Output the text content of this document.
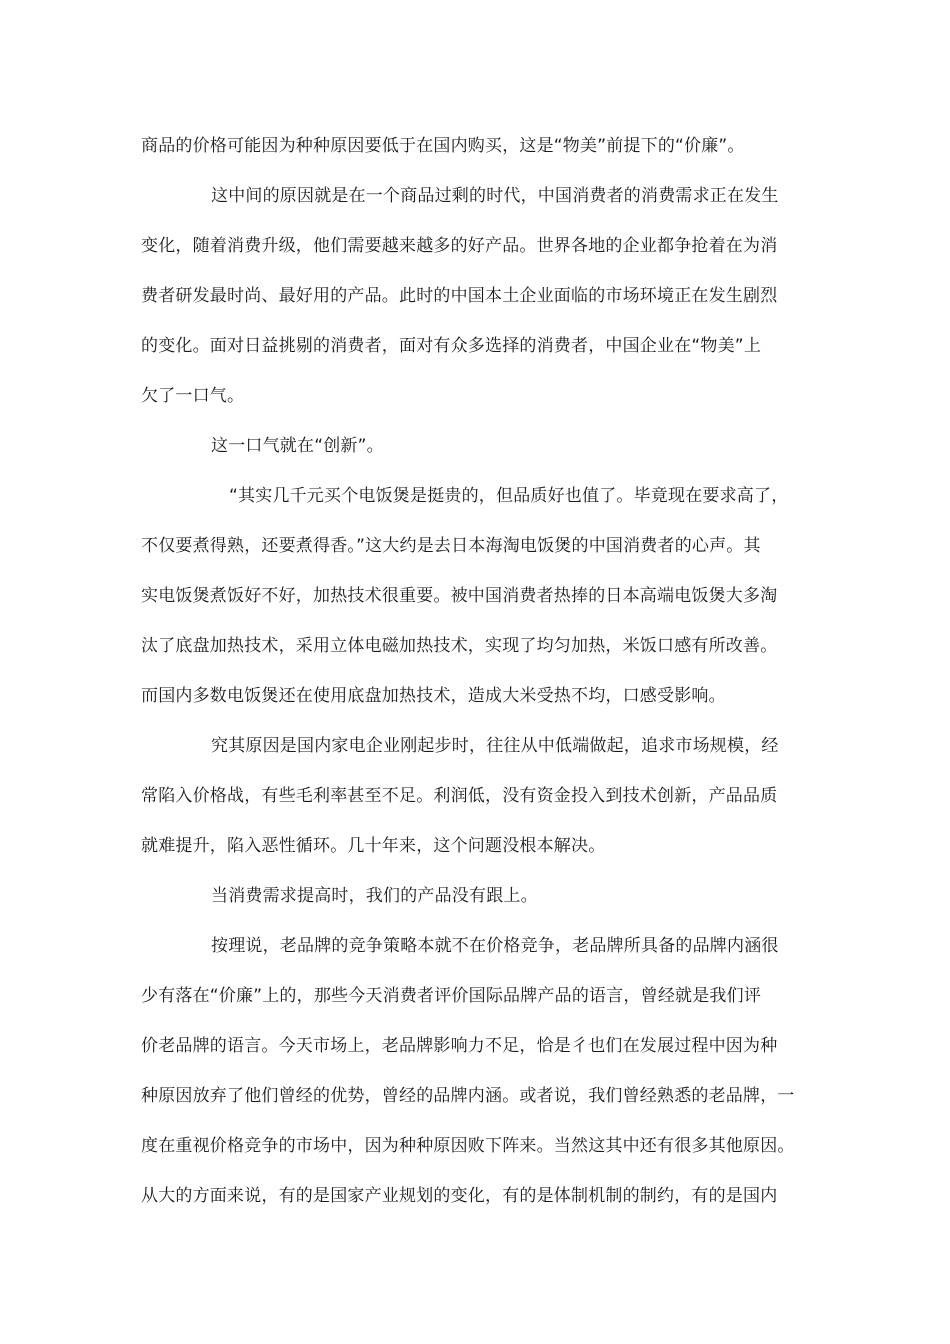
商品的价格可能因为种种原因要低于在国内购买，这是“物美”前提下的“价廉”。
这中间的原因就是在一个商品过剩的时代，中国消费者的消费需求正在发生
变化，随着消费升级，他们需要越来越多的好产品。世界各地的企业都争抢着在为消
费者研发最时尚、最好用的产品。此时的中国本土企业面临的市场环境正在发生剧烈
的变化。面对日益挑剔的消费者，面对有众多选择的消费者，中国企业在“物美”上
欠了一口气。
这一口气就在“创新”。
“其实几千元买个电饭煲是挺贵的，但品质好也值了。毕竟现在要求高了，
不仅要煮得熟，还要煮得香。”这大约是去日本海淘电饭煲的中国消费者的心声。其
实电饭煲煮饭好不好，加热技术很重要。被中国消费者热捧的日本高端电饭煲大多淘
汰了底盘加热技术，采用立体电磁加热技术，实现了均匀加热，米饭口感有所改善。
而国内多数电饭煲还在使用底盘加热技术，造成大米受热不均，口感受影响。
究其原因是国内家电企业刚起步时，往往从中低端做起，追求市场规模，经
常陷入价格战，有些毛利率甚至不足。利润低，没有资金投入到技术创新，产品品质
就难提升，陷入恶性循环。几十年来，这个问题没根本解决。
当消费需求提高时，我们的产品没有跟上。
按理说，老品牌的竞争策略本就不在价格竞争，老品牌所具备的品牌内涵很
少有落在“价廉”上的，那些今天消费者评价国际品牌产品的语言，曾经就是我们评
价老品牌的语言。今天市场上，老品牌影响力不足，恰是彳也们在发展过程中因为种
种原因放弃了他们曾经的优势，曾经的品牌内涵。或者说，我们曾经熟悉的老品牌，一
度在重视价格竞争的市场中，因为种种原因败下阵来。当然这其中还有很多其他原因。
从大的方面来说，有的是国家产业规划的变化，有的是体制机制的制约，有的是国内
